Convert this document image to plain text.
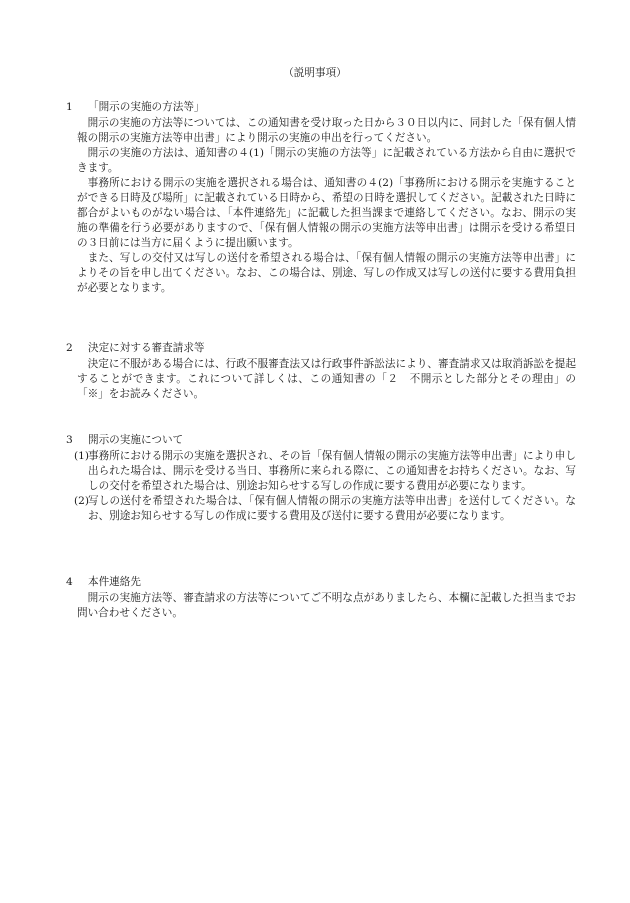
（説明事項）
1 「開示の実施の方法等」

開示の実施の方法等については、この通知書を受け取った日から３０日以内に、同封した「保有個人情報の開示の実施方法等申出書」により開示の実施の申出を行ってください。

開示の実施の方法は、通知書の４(1)「開示の実施の方法等」に記載されている方法から自由に選択できます。

事務所における開示の実施を選択される場合は、通知書の４(2)「事務所における開示を実施することができる日時及び場所」に記載されている日時から、希望の日時を選択してください。記載された日時に都合がよいものがない場合は、「本件連絡先」に記載した担当課まで連絡してください。なお、開示の実施の準備を行う必要がありますので、「保有個人情報の開示の実施方法等申出書」は開示を受ける希望日の３日前には当方に届くように提出願います。

また、写しの交付又は写しの送付を希望される場合は、「保有個人情報の開示の実施方法等申出書」によりその旨を申し出てください。なお、この場合は、別途、写しの作成又は写しの送付に要する費用負担が必要となります。

2 決定に対する審査請求等

決定に不服がある場合には、行政不服審査法又は行政事件訴訟法により、審査請求又は取消訴訟を提起することができます。これについて詳しくは、この通知書の「２　不開示とした部分とその理由」の「※」をお読みください。

3 開示の実施について
(1)
事務所における開示の実施を選択され、その旨「保有個人情報の開示の実施方法等申出書」により申し出られた場合は、開示を受ける当日、事務所に来られる際に、この通知書をお持ちください。なお、写しの交付を希望された場合は、別途お知らせする写しの作成に要する費用が必要になります。
(2)
写しの送付を希望された場合は、「保有個人情報の開示の実施方法等申出書」を送付してください。なお、別途お知らせする写しの作成に要する費用及び送付に要する費用が必要になります。
4 本件連絡先

開示の実施方法等、審査請求の方法等についてご不明な点がありましたら、本欄に記載した担当までお問い合わせください。
